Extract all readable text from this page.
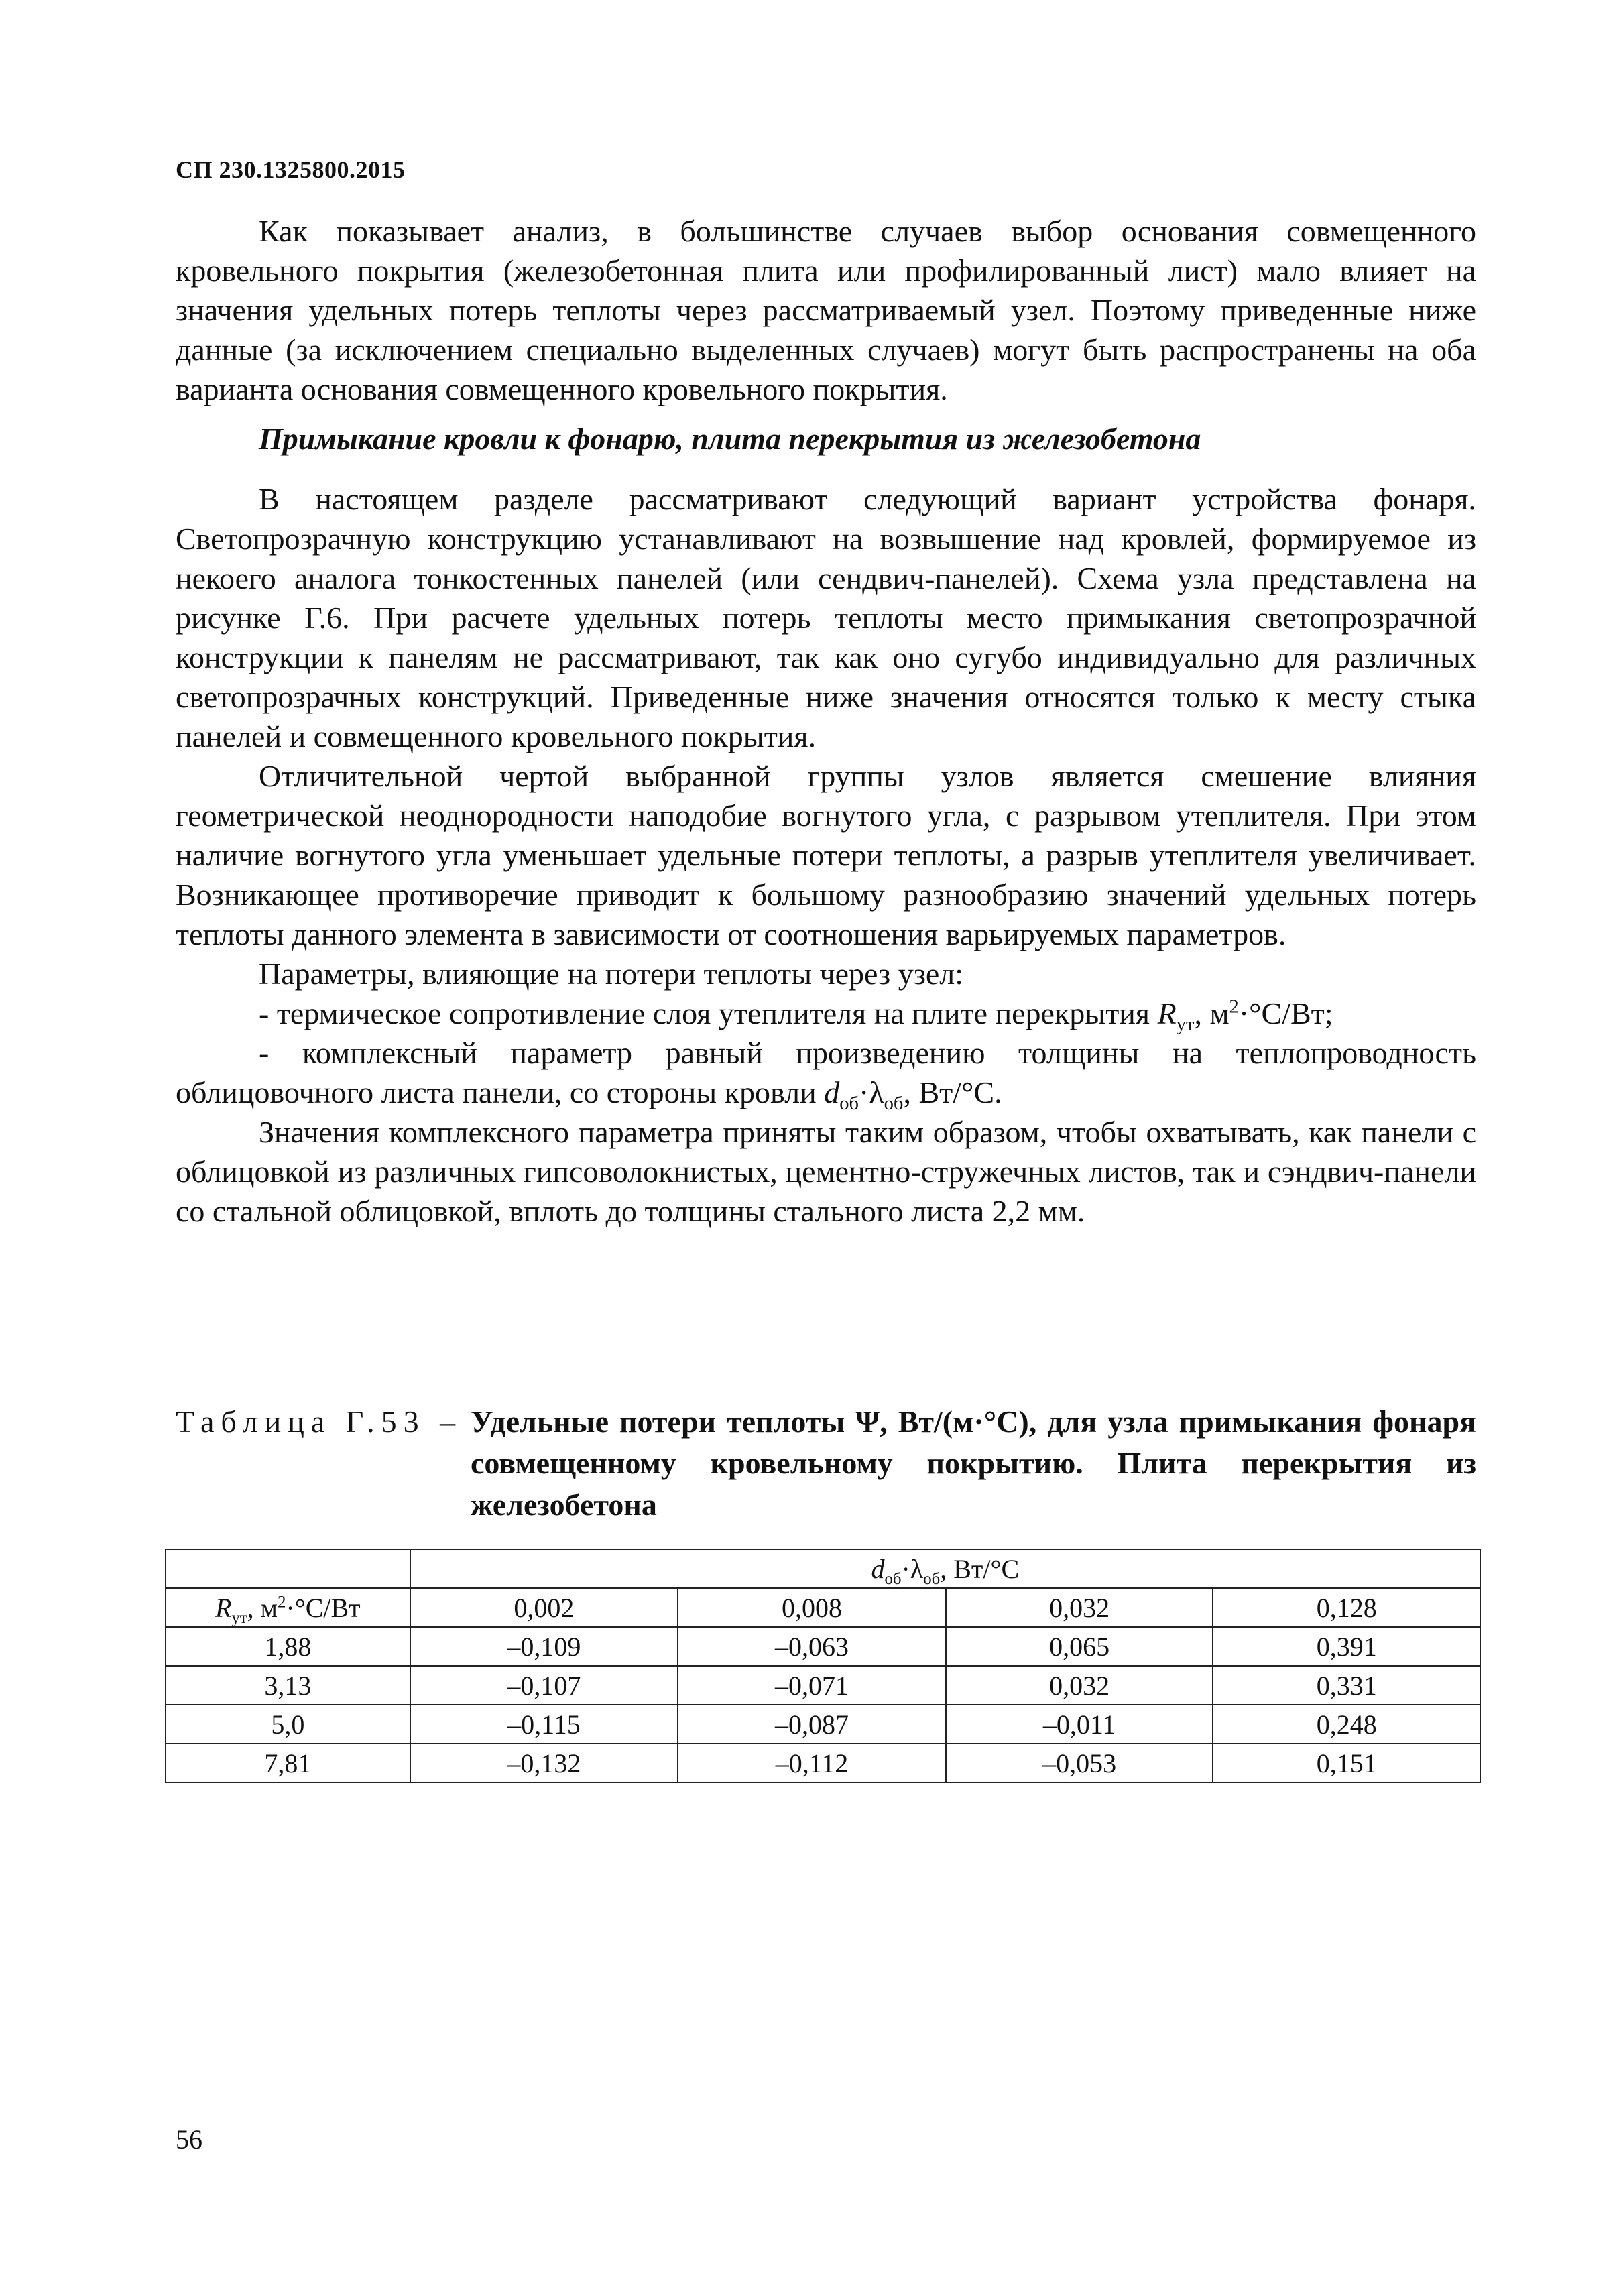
СП 230.1325800.2015

Как показывает анализ, в большинстве случаев выбор основания совмещенного кровельного покрытия (железобетонная плита или профилированный лист) мало влияет на значения удельных потерь теплоты через рассматриваемый узел. Поэтому приведенные ниже данные (за исключением специально выделенных случаев) могут быть распространены на оба варианта основания совмещенного кровельного покрытия.

Примыкание кровли к фонарю, плита перекрытия из железобетона

В настоящем разделе рассматривают следующий вариант устройства фонаря. Светопрозрачную конструкцию устанавливают на возвышение над кровлей, формируемое из некоего аналога тонкостенных панелей (или сендвич-панелей). Схема узла представлена на рисунке Г.6. При расчете удельных потерь теплоты место примыкания светопрозрачной конструкции к панелям не рассматривают, так как оно сугубо индивидуально для различных светопрозрачных конструкций. Приведенные ниже значения относятся только к месту стыка панелей и совмещенного кровельного покрытия.

Отличительной чертой выбранной группы узлов является смешение влияния геометрической неоднородности наподобие вогнутого угла, с разрывом утеплителя. При этом наличие вогнутого угла уменьшает удельные потери теплоты, а разрыв утеплителя увеличивает. Возникающее противоречие приводит к большому разнообразию значений удельных потерь теплоты данного элемента в зависимости от соотношения варьируемых параметров.

Параметры, влияющие на потери теплоты через узел:

- термическое сопротивление слоя утеплителя на плите перекрытия $R_{ут}$, $м^2\cdot^\circ С/Вт$;

- комплексный параметр равный произведению толщины на теплопроводность облицовочного листа панели, со стороны кровли $d_{об}\cdot\lambda_{об}$, Вт/°С.

Значения комплексного параметра приняты таким образом, чтобы охватывать, как панели с облицовкой из различных гипсоволокнистых, цементно-стружечных листов, так и сэндвич-панели со стальной облицовкой, вплоть до толщины стального листа 2,2 мм.

Таблица Г.53 – Удельные потери теплоты Ψ, Вт/(м·°С), для узла примыкания фонаря совмещенному кровельному покрытию. Плита перекрытия из железобетона
	$d_{об}\cdot\lambda_{об}$, Вт/°С			
$R_{ут}$, $м^2\cdot^\circ С/Вт$	0,002	0,008	0,032	0,128
1,88	–0,109	–0,063	0,065	0,391
3,13	–0,107	–0,071	0,032	0,331
5,0	–0,115	–0,087	–0,011	0,248
7,81	–0,132	–0,112	–0,053	0,151
56
